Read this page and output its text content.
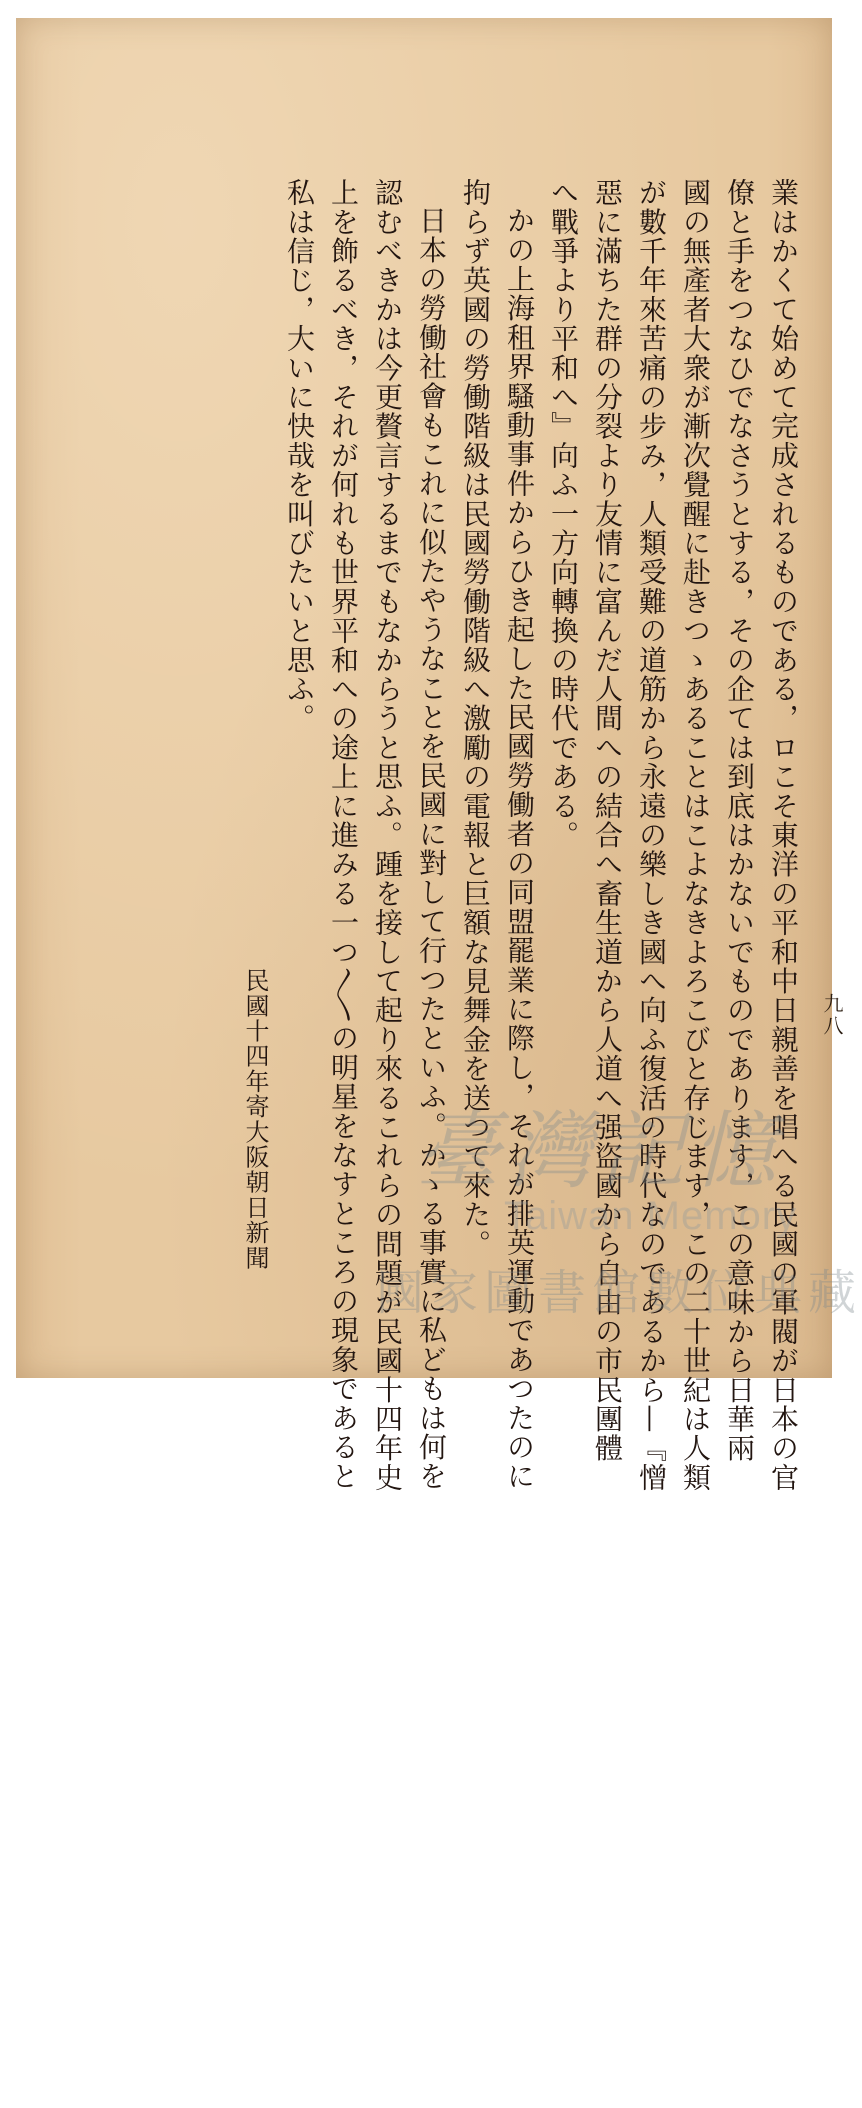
九八
業はかくて始めて完成されるものである，ロこそ東洋の平和中日親善を唱へる民國の軍閥が日本の官
僚と手をつなひでなさうとする，その企ては到底はかないでものであります，この意味から日華兩
國の無產者大衆が漸次覺醒に赴きつゝあることはこよなきよろこびと存じます，この二十世紀は人類
が數千年來苦痛の步み，人類受難の道筋から永遠の樂しき國へ向ふ復活の時代なのであるから—『憎
惡に滿ちた群の分裂より友情に富んだ人間への結合へ畜生道から人道へ强盜國から自由の市民團體
へ戰爭より平和へ』向ふ一方向轉換の時代である。
かの上海租界騷動事件からひき起した民國勞働者の同盟罷業に際し，それが排英運動であつたのに
拘らず英國の勞働階級は民國勞働階級へ激勵の電報と巨額な見舞金を送つて來た。
日本の勞働社會もこれに似たやうなことを民國に對して行つたといふ。かゝる事實に私どもは何を
認むべきかは今更贅言するまでもなからうと思ふ。踵を接して起り來るこれらの問題が民國十四年史
上を飾るべき，それが何れも世界平和への途上に進みる一つ〳〵の明星をなすところの現象であると
私は信じ，大いに快哉を叫びたいと思ふ。
民國十四年寄大阪朝日新聞 臺灣記憶
Taiwan Memory
國家圖書館數位典藏
